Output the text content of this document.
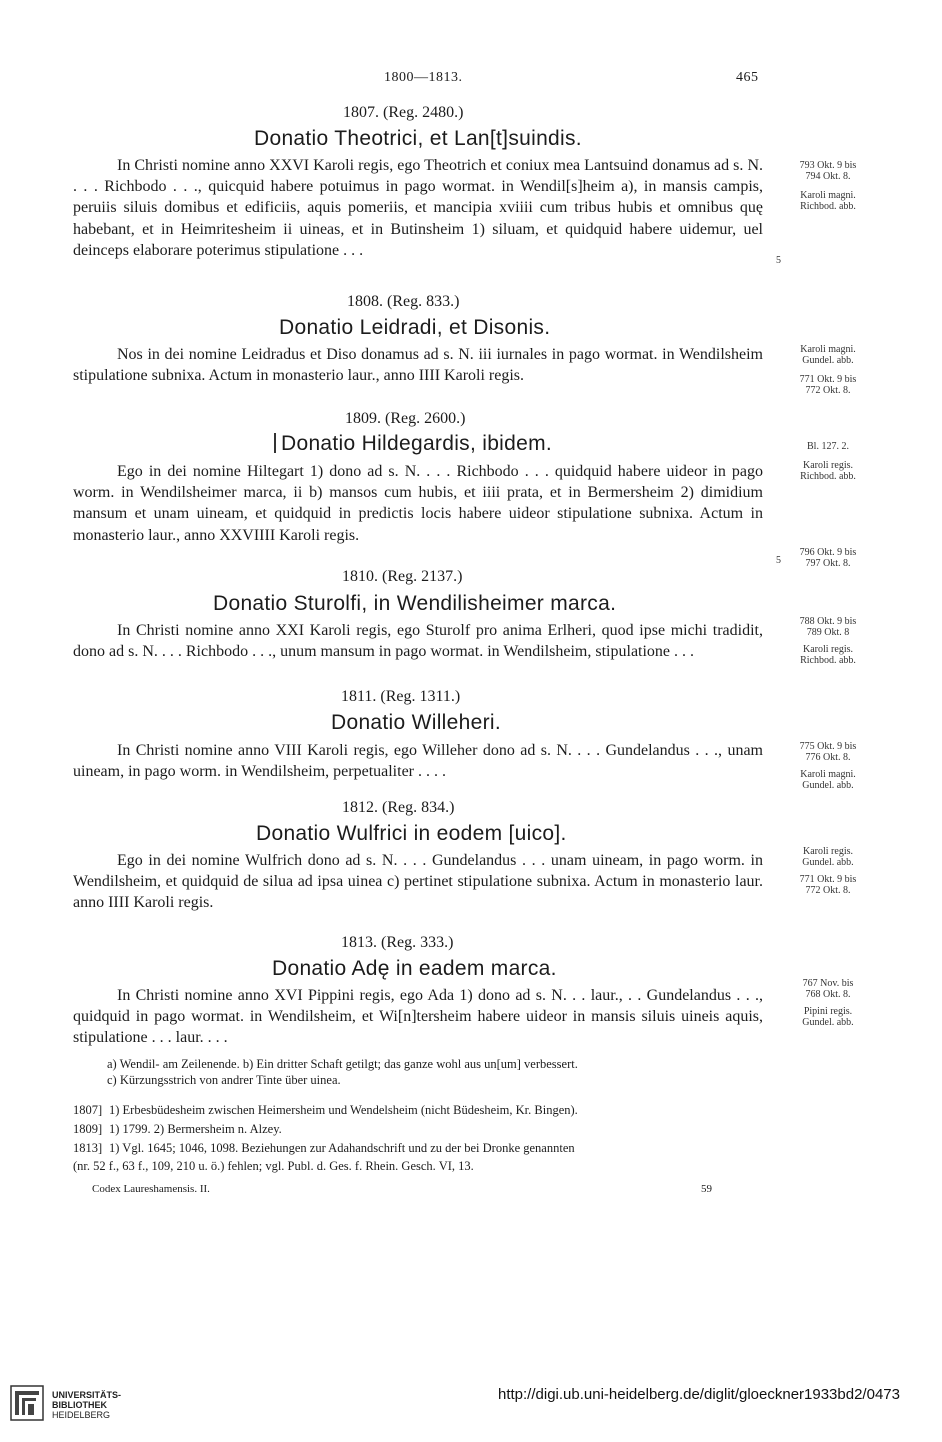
1800—1813.	465
1807. (Reg. 2480.)
Donatio Theotrici, et Lan[t]suindis.

In Christi nomine anno XXVI Karoli regis, ego Theotrich et coniux mea Lantsuind donamus ad s. N. . . . Richbodo . . ., quicquid habere potuimus in pago wormat. in Wendil[s]heim a), in mansis campis, peruiis siluis domibus et edificiis, aquis pomeriis, et mancipia xviiii cum tribus hubis et omnibus quę habebant, et in Heimritesheim ii uineas, et in Butinsheim 1) siluam, et quidquid habere uidemur, uel deinceps elaborare poterimus stipulatione . . .

793 Okt. 9 bis
794 Okt. 8.
Karoli magni.
Richbod. abb.
5
1808. (Reg. 833.)
Donatio Leidradi, et Disonis.

Nos in dei nomine Leidradus et Diso donamus ad s. N. iii iurnales in pago wormat. in Wendilsheim stipulatione subnixa. Actum in monasterio laur., anno IIII Karoli regis.

Karoli magni.
Gundel. abb.
771 Okt. 9 bis
772 Okt. 8.
1809. (Reg. 2600.)
Donatio Hildegardis, ibidem.	Bl. 127. 2.

Ego in dei nomine Hiltegart 1) dono ad s. N. . . . Richbodo . . . quidquid habere uideor in pago worm. in Wendilsheimer marca, ii b) mansos cum hubis, et iiii prata, et in Bermersheim 2) dimidium mansum et unam uineam, et quidquid in predictis locis habere uideor stipulatione subnixa. Actum in monasterio laur., anno XXVIIII Karoli regis.

Karoli regis.
Richbod. abb.
796 Okt. 9 bis
797 Okt. 8.
5
1810. (Reg. 2137.)
Donatio Sturolfi, in Wendilisheimer marca.

In Christi nomine anno XXI Karoli regis, ego Sturolf pro anima Erlheri, quod ipse michi tradidit, dono ad s. N. . . . Richbodo . . ., unum mansum in pago wormat. in Wendilsheim, stipulatione . . .

788 Okt. 9 bis
789 Okt. 8
Karoli regis.
Richbod. abb.
1811. (Reg. 1311.)
Donatio Willeheri.

In Christi nomine anno VIII Karoli regis, ego Willeher dono ad s. N. . . . Gundelandus . . ., unam uineam, in pago worm. in Wendilsheim, perpetualiter . . . .

775 Okt. 9 bis
776 Okt. 8.
Karoli magni.
Gundel. abb.
1812. (Reg. 834.)
Donatio Wulfrici in eodem [uico].

Ego in dei nomine Wulfrich dono ad s. N. . . . Gundelandus . . . unam uineam, in pago worm. in Wendilsheim, et quidquid de silua ad ipsa uinea c) pertinet stipulatione subnixa. Actum in monasterio laur. anno IIII Karoli regis.

Karoli regis.
Gundel. abb.
771 Okt. 9 bis
772 Okt. 8.
1813. (Reg. 333.)
Donatio Adę in eadem marca.

In Christi nomine anno XVI Pippini regis, ego Ada 1) dono ad s. N. . . laur., . . Gundelandus . . ., quidquid in pago wormat. in Wendilsheim, et Wi[n]tersheim habere uideor in mansis siluis uineis aquis, stipulatione . . . laur. . . .

767 Nov. bis
768 Okt. 8.
Pipini regis.
Gundel. abb.
a) Wendil- am Zeilenende. b) Ein dritter Schaft getilgt; das ganze wohl aus un[um] verbessert.
c) Kürzungsstrich von andrer Tinte über uinea.
1807] 1) Erbesbüdesheim zwischen Heimersheim und Wendelsheim (nicht Büdesheim, Kr. Bingen).
1809] 1) 1799. 2) Bermersheim n. Alzey.
1813] 1) Vgl. 1645; 1046, 1098. Beziehungen zur Adahandschrift und zu der bei Dronke genannten
(nr. 52 f., 63 f., 109, 210 u. ö.) fehlen; vgl. Publ. d. Ges. f. Rhein. Gesch. VI, 13.
Codex Laureshamensis. II.	59
UNIVERSITÄTS-
BIBLIOTHEK
HEIDELBERG
http://digi.ub.uni-heidelberg.de/diglit/gloeckner1933bd2/0473
